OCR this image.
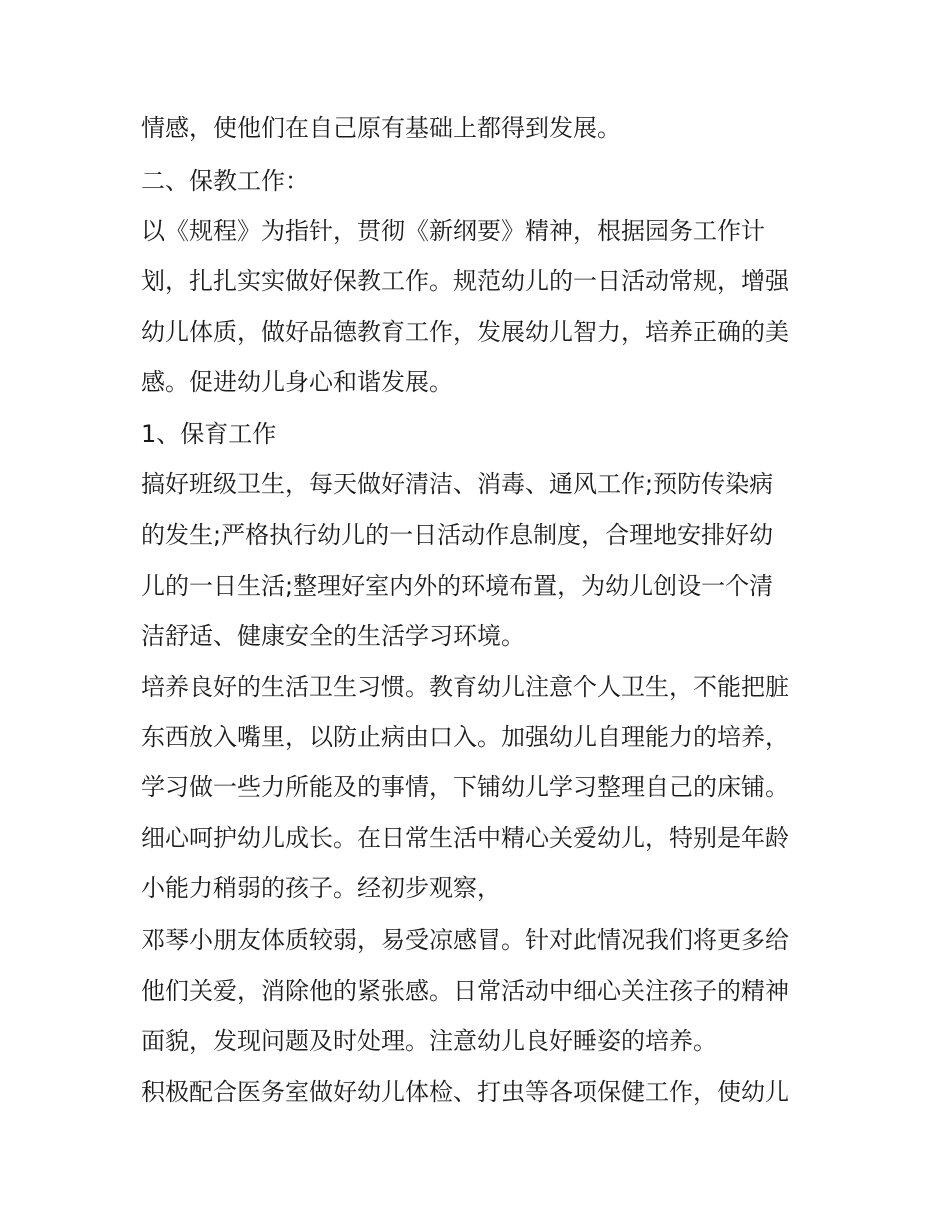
情感，使他们在自己原有基础上都得到发展。
二、保教工作：
以《规程》为指针，贯彻《新纲要》精神，根据园务工作计
划，扎扎实实做好保教工作。规范幼儿的一日活动常规，增强
幼儿体质，做好品德教育工作，发展幼儿智力，培养正确的美
感。促进幼儿身心和谐发展。
1、保育工作
搞好班级卫生，每天做好清洁、消毒、通风工作;预防传染病
的发生;严格执行幼儿的一日活动作息制度，合理地安排好幼
儿的一日生活;整理好室内外的环境布置，为幼儿创设一个清
洁舒适、健康安全的生活学习环境。
培养良好的生活卫生习惯。教育幼儿注意个人卫生，不能把脏
东西放入嘴里，以防止病由口入。加强幼儿自理能力的培养，
学习做一些力所能及的事情，下铺幼儿学习整理自己的床铺。
细心呵护幼儿成长。在日常生活中精心关爱幼儿，特别是年龄
小能力稍弱的孩子。经初步观察，
邓琴小朋友体质较弱，易受凉感冒。针对此情况我们将更多给
他们关爱，消除他的紧张感。日常活动中细心关注孩子的精神
面貌，发现问题及时处理。注意幼儿良好睡姿的培养。
积极配合医务室做好幼儿体检、打虫等各项保健工作，使幼儿
